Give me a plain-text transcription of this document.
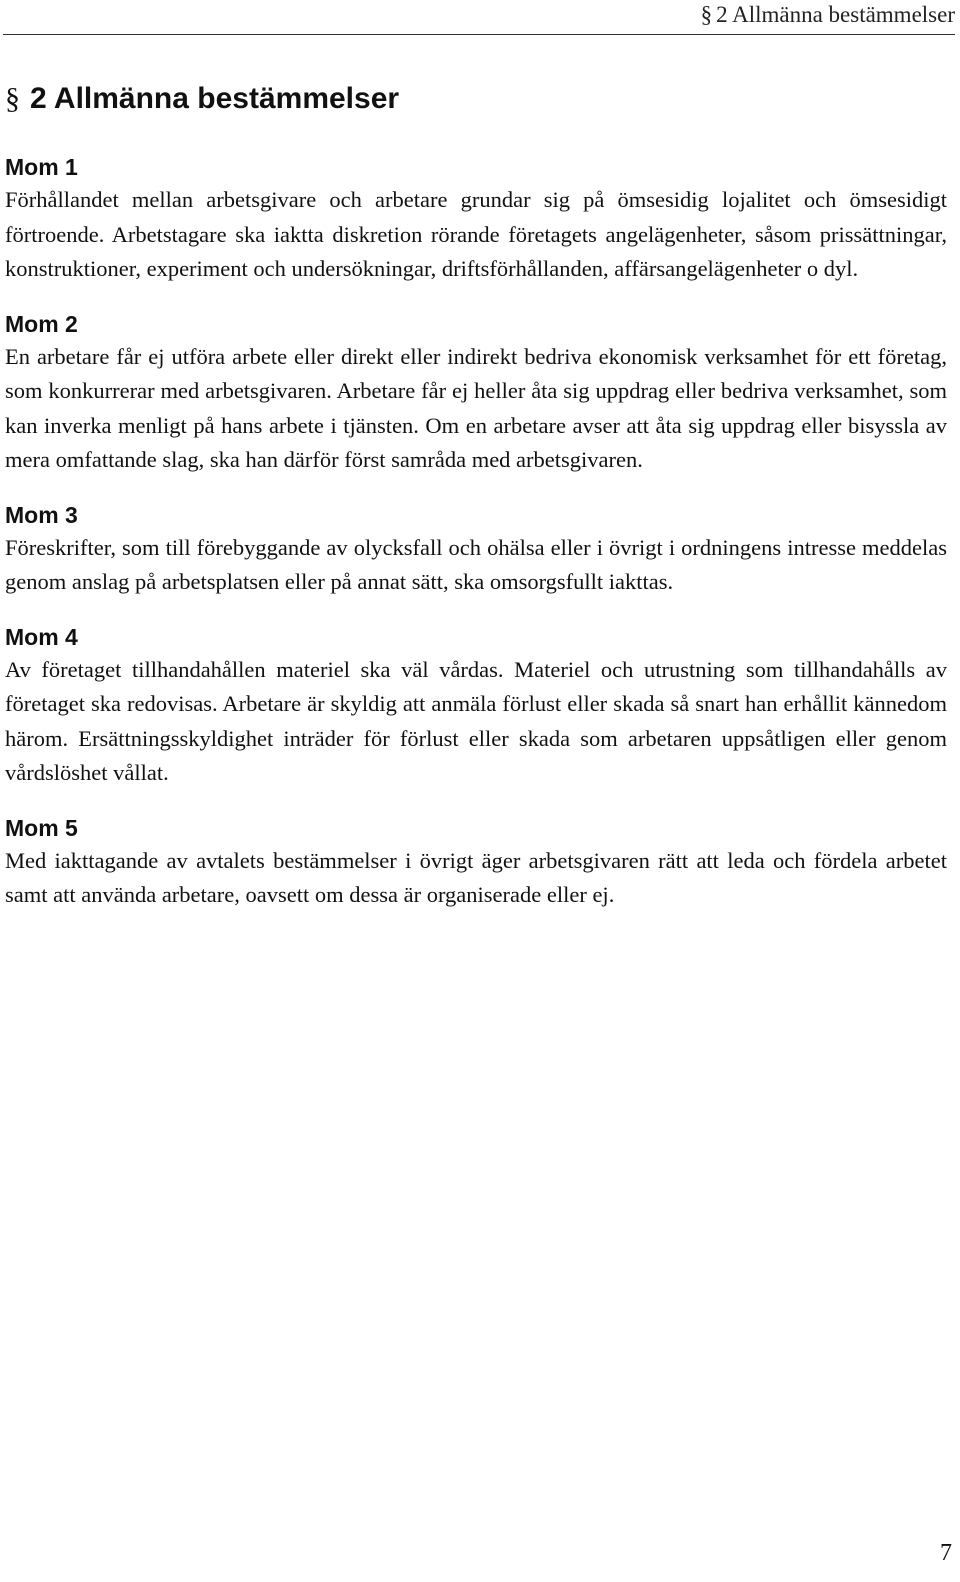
§ 2 Allmänna bestämmelser
§ 2 Allmänna bestämmelser
Mom 1

Förhållandet mellan arbetsgivare och arbetare grundar sig på ömsesidig lojalitet och ömsesidigt förtroende. Arbetstagare ska iaktta diskretion rörande företagets angelägenheter, såsom prissättningar, konstruktioner, experiment och undersökningar, driftsförhållanden, affärsangelägenheter o dyl.

Mom 2

En arbetare får ej utföra arbete eller direkt eller indirekt bedriva ekonomisk verksamhet för ett företag, som konkurrerar med arbetsgivaren. Arbetare får ej heller åta sig uppdrag eller bedriva verksamhet, som kan inverka menligt på hans arbete i tjänsten. Om en arbetare avser att åta sig uppdrag eller bisyssla av mera omfattande slag, ska han därför först samråda med arbetsgivaren.

Mom 3

Föreskrifter, som till förebyggande av olycksfall och ohälsa eller i övrigt i ordningens intresse meddelas genom anslag på arbetsplatsen eller på annat sätt, ska omsorgsfullt iakttas.

Mom 4

Av företaget tillhandahållen materiel ska väl vårdas. Materiel och utrustning som tillhandahålls av företaget ska redovisas. Arbetare är skyldig att anmäla förlust eller skada så snart han erhållit kännedom härom. Ersättningsskyldighet inträder för förlust eller skada som arbetaren uppsåtligen eller genom vårdslöshet vållat.

Mom 5

Med iakttagande av avtalets bestämmelser i övrigt äger arbetsgivaren rätt att leda och fördela arbetet samt att använda arbetare, oavsett om dessa är organiserade eller ej.

7
